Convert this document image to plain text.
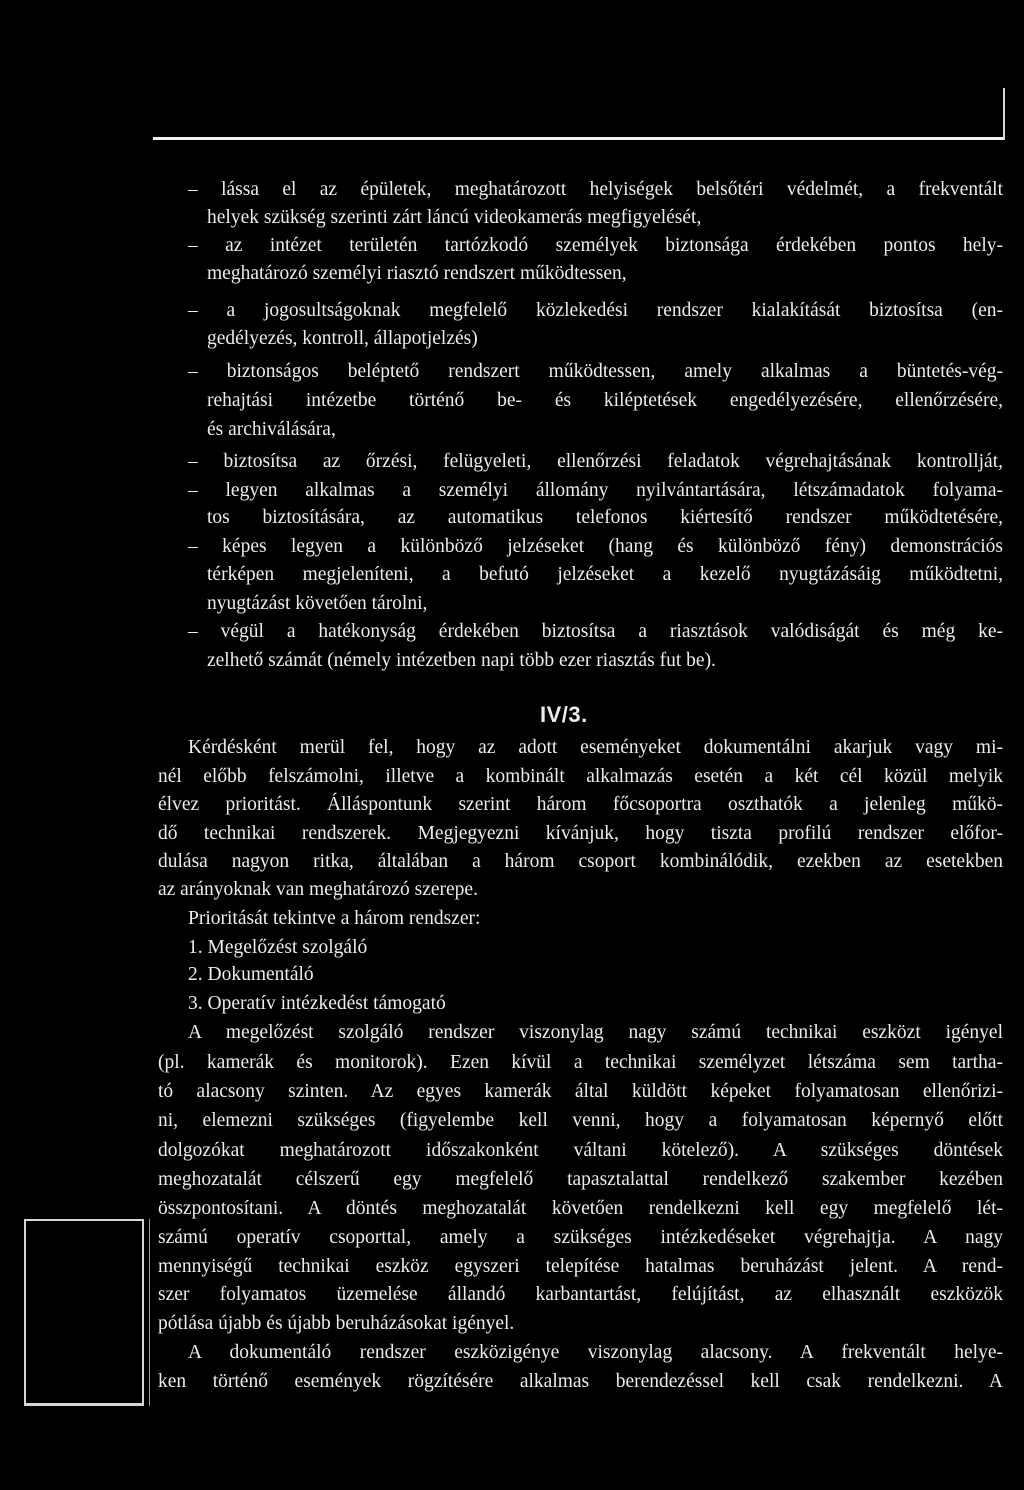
– lássa el az épületek, meghatározott helyiségek belsőtéri védelmét, a frekventált
helyek szükség szerinti zárt láncú videokamerás megfigyelését,
– az intézet területén tartózkodó személyek biztonsága érdekében pontos hely-
meghatározó személyi riasztó rendszert működtessen,
– a jogosultságoknak megfelelő közlekedési rendszer kialakítását biztosítsa (en-
gedélyezés, kontroll, állapotjelzés)
– biztonságos beléptető rendszert működtessen, amely alkalmas a büntetés-vég-
rehajtási intézetbe történő be- és kiléptetések engedélyezésére, ellenőrzésére,
és archiválására,
– biztosítsa az őrzési, felügyeleti, ellenőrzési feladatok végrehajtásának kontrollját,
– legyen alkalmas a személyi állomány nyilvántartására, létszámadatok folyama-
tos biztosítására, az automatikus telefonos kiértesítő rendszer működtetésére,
– képes legyen a különböző jelzéseket (hang és különböző fény) demonstrációs
térképen megjeleníteni, a befutó jelzéseket a kezelő nyugtázásáig működtetni,
nyugtázást követően tárolni,
– végül a hatékonyság érdekében biztosítsa a riasztások valódiságát és még ke-
zelhető számát (némely intézetben napi több ezer riasztás fut be).
IV/3.
Kérdésként merül fel, hogy az adott eseményeket dokumentálni akarjuk vagy mi-
nél előbb felszámolni, illetve a kombinált alkalmazás esetén a két cél közül melyik
élvez prioritást. Álláspontunk szerint három főcsoportra oszthatók a jelenleg műkö-
dő technikai rendszerek. Megjegyezni kívánjuk, hogy tiszta profilú rendszer előfor-
dulása nagyon ritka, általában a három csoport kombinálódik, ezekben az esetekben
az arányoknak van meghatározó szerepe.
Prioritását tekintve a három rendszer:
1. Megelőzést szolgáló
2. Dokumentáló
3. Operatív intézkedést támogató
A megelőzést szolgáló rendszer viszonylag nagy számú technikai eszközt igényel
(pl. kamerák és monitorok). Ezen kívül a technikai személyzet létszáma sem tartha-
tó alacsony szinten. Az egyes kamerák által küldött képeket folyamatosan ellenőrizi-
ni, elemezni szükséges (figyelembe kell venni, hogy a folyamatosan képernyő előtt
dolgozókat meghatározott időszakonként váltani kötelező). A szükséges döntések
meghozatalát célszerű egy megfelelő tapasztalattal rendelkező szakember kezében
összpontosítani. A döntés meghozatalát követően rendelkezni kell egy megfelelő lét-
számú operatív csoporttal, amely a szükséges intézkedéseket végrehajtja. A nagy
mennyiségű technikai eszköz egyszeri telepítése hatalmas beruházást jelent. A rend-
szer folyamatos üzemelése állandó karbantartást, felújítást, az elhasznált eszközök
pótlása újabb és újabb beruházásokat igényel.
A dokumentáló rendszer eszközigénye viszonylag alacsony. A frekventált helye-
ken történő események rögzítésére alkalmas berendezéssel kell csak rendelkezni. A
